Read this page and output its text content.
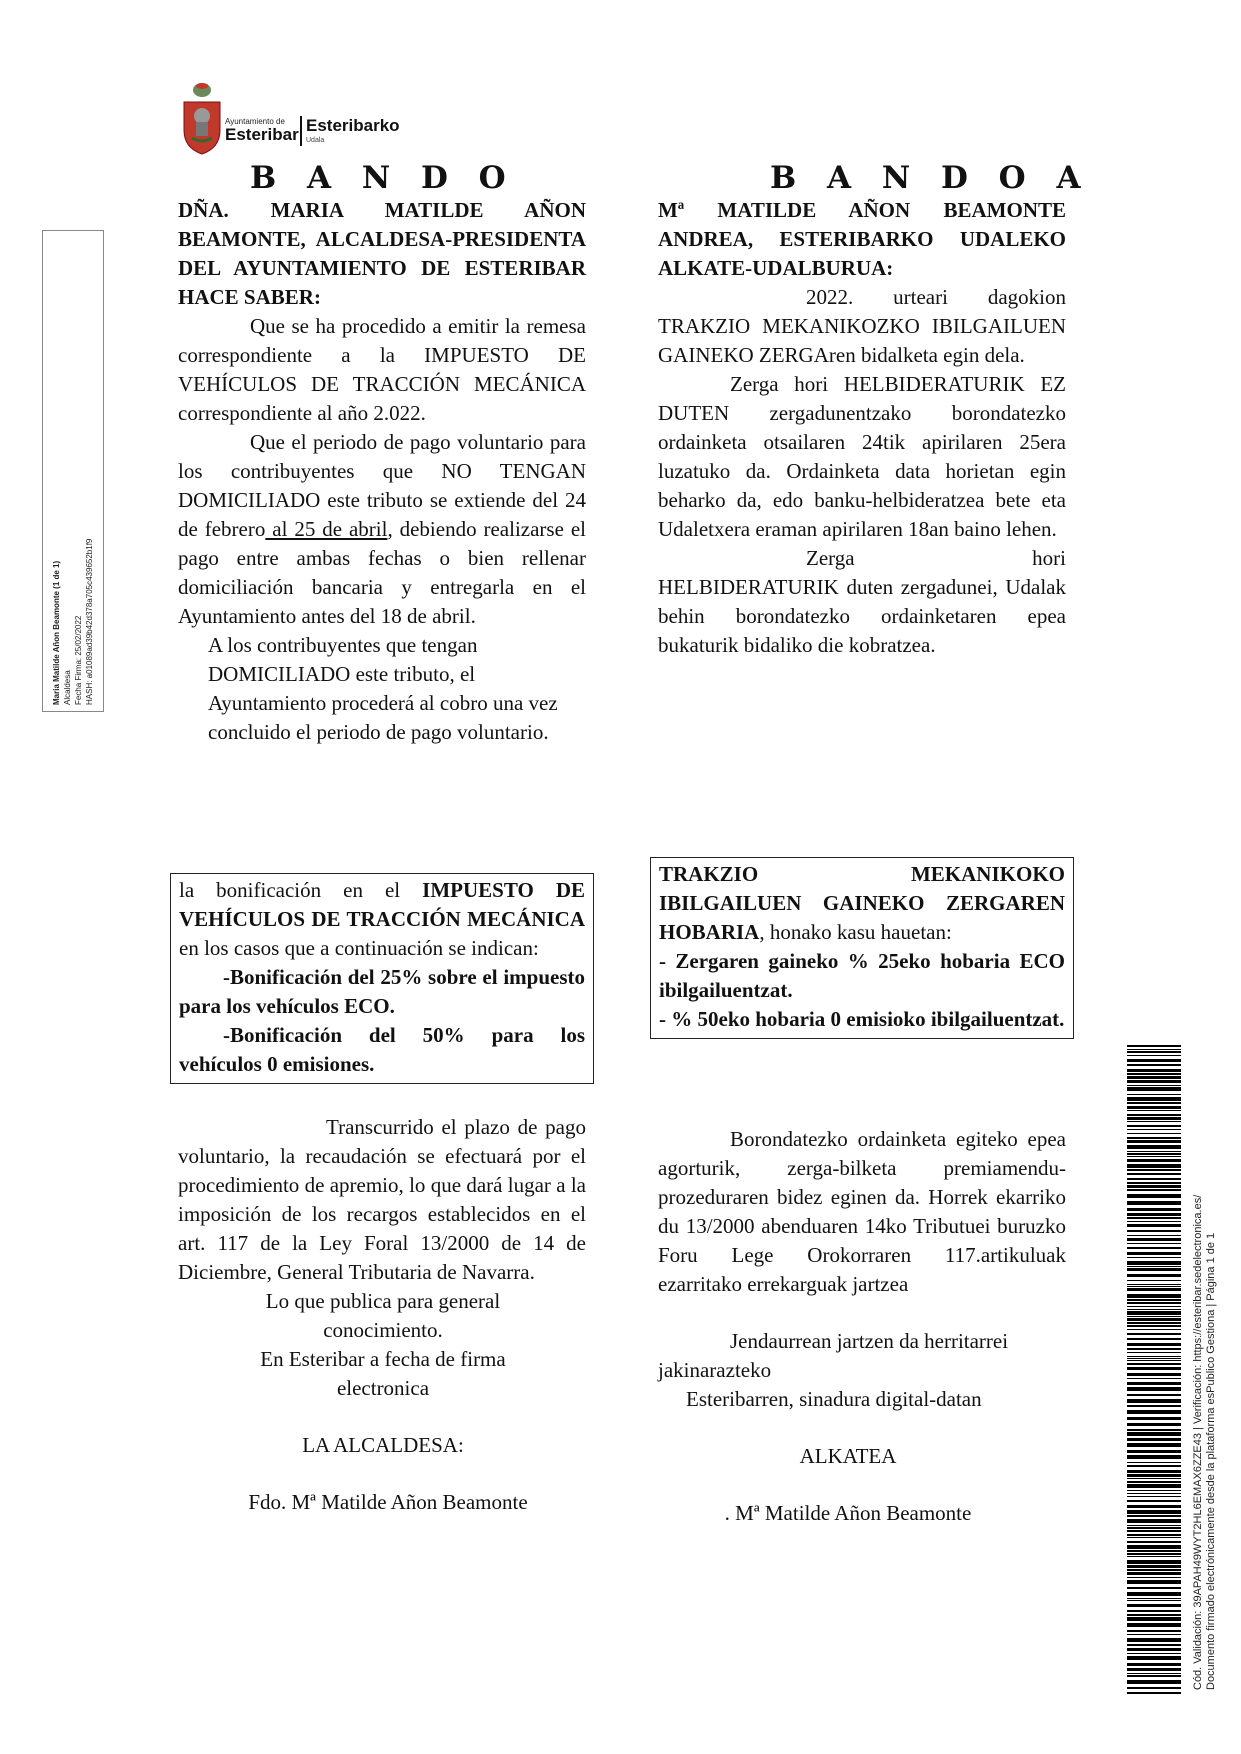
Ayuntamiento de
Esteribar Esteribarko
Udala
Maria Matilde Añon Beamonte (1 de 1) Alcaldesa Fecha Firma: 25/02/2022 HASH: a01089ad39b42d378a705c439652b1f9
B A N D O

DÑA. MARIA MATILDE AÑON BEAMONTE, ALCALDESA-PRESIDENTA DEL AYUNTAMIENTO DE ESTERIBAR HACE SABER:

Que se ha procedido a emitir la remesa correspondiente a la IMPUESTO DE VEHÍCULOS DE TRACCIÓN MECÁNICA correspondiente al año 2.022.

Que el periodo de pago voluntario para los contribuyentes que NO TENGAN DOMICILIADO este tributo se extiende del 24 de febrero al 25 de abril, debiendo realizarse el pago entre ambas fechas o bien rellenar domiciliación bancaria y entregarla en el Ayuntamiento antes del 18 de abril.

A los contribuyentes que tengan DOMICILIADO este tributo, el Ayuntamiento procederá al cobro una vez concluido el periodo de pago voluntario.

la bonificación en el IMPUESTO DE VEHÍCULOS DE TRACCIÓN MECÁNICA en los casos que a continuación se indican:

-Bonificación del 25% sobre el impuesto para los vehículos ECO.

-Bonificación del 50% para los vehículos 0 emisiones.

Transcurrido el plazo de pago voluntario, la recaudación se efectuará por el procedimiento de apremio, lo que dará lugar a la imposición de los recargos establecidos en el art. 117 de la Ley Foral 13/2000 de 14 de Diciembre, General Tributaria de Navarra.

Lo que publica para general conocimiento.

En Esteribar a fecha de firma electronica

LA ALCALDESA:

Fdo. Mª Matilde Añon Beamonte

B A N D O A

Mª MATILDE AÑON BEAMONTE ANDREA, ESTERIBARKO UDALEKO ALKATE-UDALBURUA:

2022. urteari dagokion TRAKZIO MEKANIKOZKO IBILGAILUEN GAINEKO ZERGAren bidalketa egin dela.

Zerga hori HELBIDERATURIK EZ DUTEN zergadunentzako borondatezko ordainketa otsailaren 24tik apirilaren 25era luzatuko da. Ordainketa data horietan egin beharko da, edo banku-helbideratzea bete eta Udaletxera eraman apirilaren 18an baino lehen.

Zerga hori HELBIDERATURIK duten zergadunei, Udalak behin borondatezko ordainketaren epea bukaturik bidaliko die kobratzea.

TRAKZIO MEKANIKOKO IBILGAILUEN GAINEKO ZERGAREN HOBARIA, honako kasu hauetan:

- Zergaren gaineko % 25eko hobaria ECO ibilgailuentzat.

- % 50eko hobaria 0 emisioko ibilgailuentzat.

Borondatezko ordainketa egiteko epea agorturik, zerga-bilketa premiamendu-prozeduraren bidez eginen da. Horrek ekarriko du 13/2000 abenduaren 14ko Tributuei buruzko Foru Lege Orokorraren 117.artikuluak ezarritako errekarguak jartzea

Jendaurrean jartzen da herritarrei jakinarazteko

Esteribarren, sinadura digital-datan

ALKATEA

. Mª Matilde Añon Beamonte	Cód. Validación: 39APAH49WYT2HL6EMAX6ZZE43 | Verificación: https://esteribar.sedelectronica.es/ Documento firmado electrónicamente desde la plataforma esPublico Gestiona | Página 1 de 1
